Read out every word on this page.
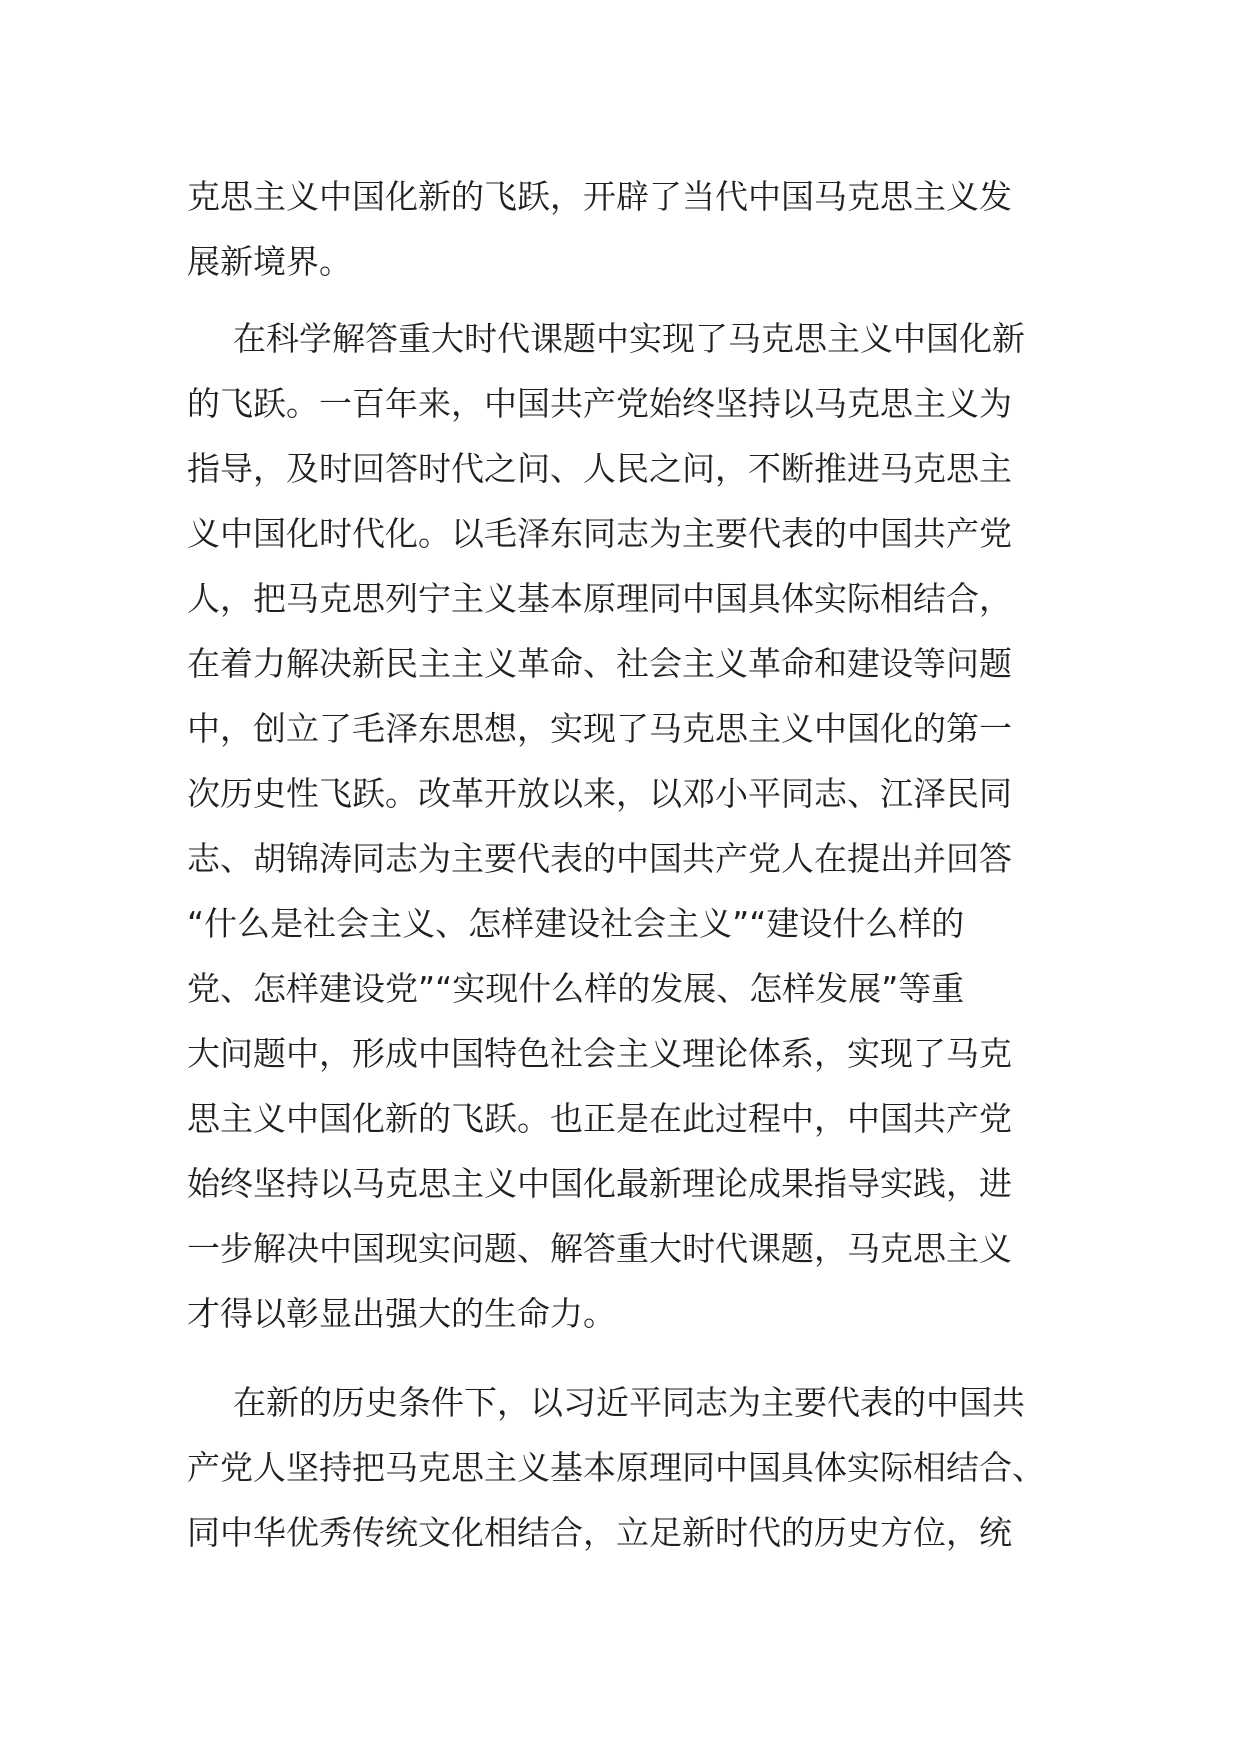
克思主义中国化新的飞跃，开辟了当代中国马克思主义发
展新境界。
在科学解答重大时代课题中实现了马克思主义中国化新
的飞跃。一百年来，中国共产党始终坚持以马克思主义为
指导，及时回答时代之问、人民之问，不断推进马克思主
义中国化时代化。以毛泽东同志为主要代表的中国共产党
人，把马克思列宁主义基本原理同中国具体实际相结合，
在着力解决新民主主义革命、社会主义革命和建设等问题
中，创立了毛泽东思想，实现了马克思主义中国化的第一
次历史性飞跃。改革开放以来，以邓小平同志、江泽民同
志、胡锦涛同志为主要代表的中国共产党人在提出并回答
“什么是社会主义、怎样建设社会主义”“建设什么样的
党、怎样建设党”“实现什么样的发展、怎样发展”等重
大问题中，形成中国特色社会主义理论体系，实现了马克
思主义中国化新的飞跃。也正是在此过程中，中国共产党
始终坚持以马克思主义中国化最新理论成果指导实践，进
一步解决中国现实问题、解答重大时代课题，马克思主义
才得以彰显出强大的生命力。
在新的历史条件下，以习近平同志为主要代表的中国共
产党人坚持把马克思主义基本原理同中国具体实际相结合、
同中华优秀传统文化相结合，立足新时代的历史方位，统
